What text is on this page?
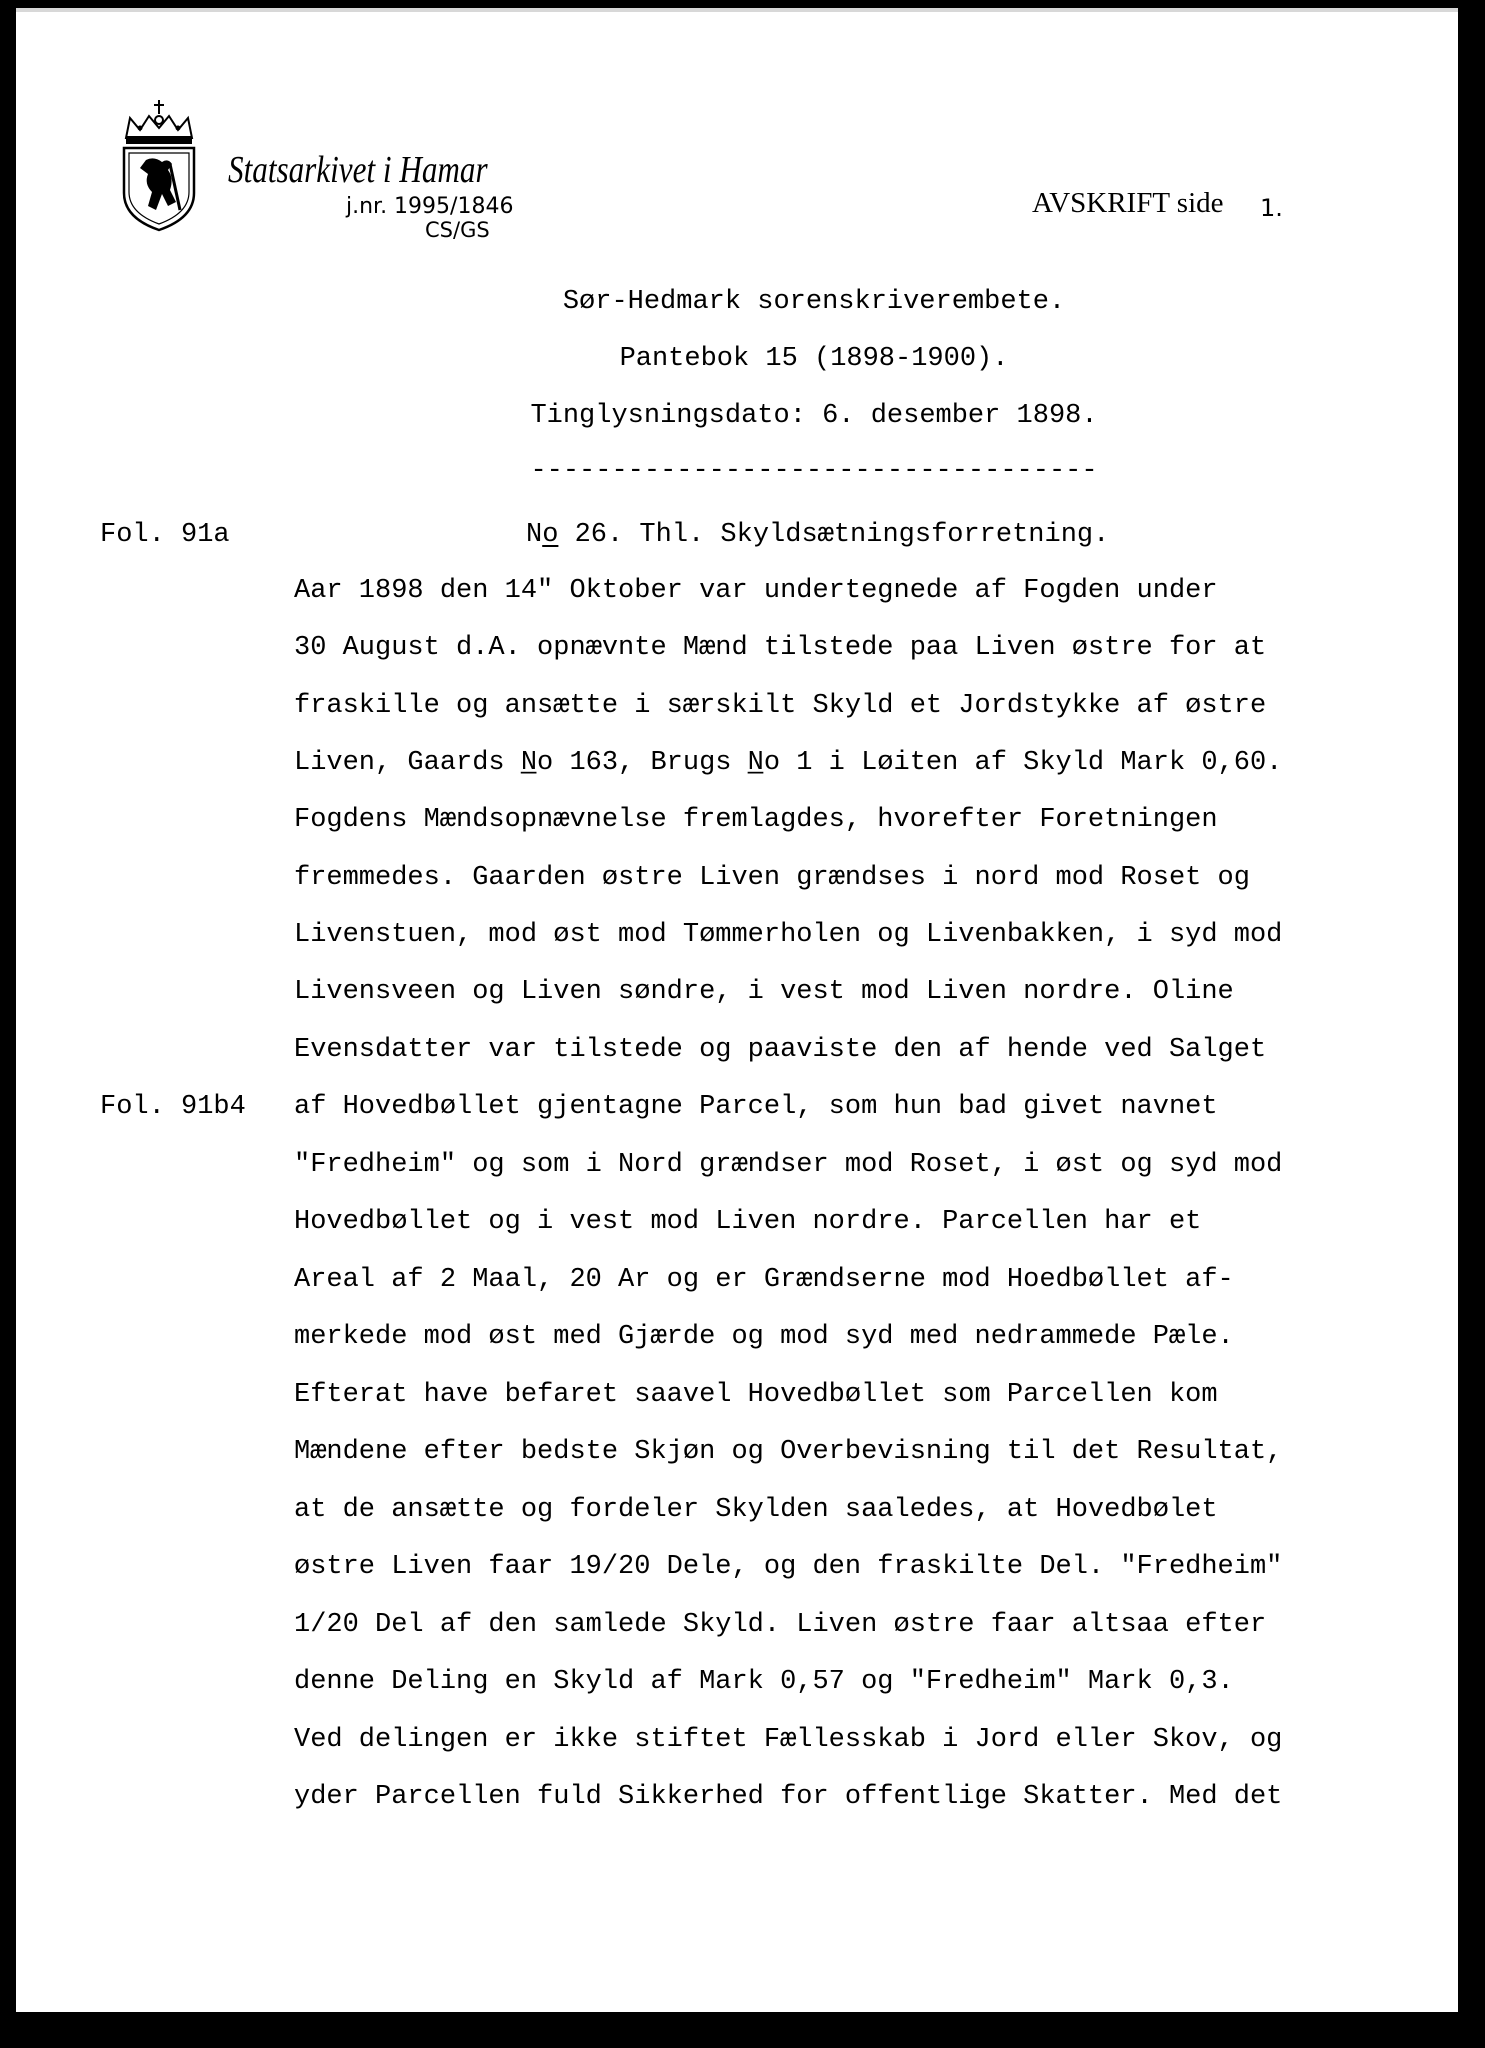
Statsarkivet i Hamar
j.nr. 1995/1846
CS/GS
AVSKRIFT side 1.
Sør-Hedmark sorenskriverembete.
Pantebok 15 (1898-1900).
Tinglysningsdato: 6. desember 1898.
-----------------------------------
Fol. 91a	No 26. Thl. Skyldsætningsforretning.
Fol. 91b4
Aar 1898 den 14" Oktober var undertegnede af Fogden under
30 August d.A. opnævnte Mænd tilstede paa Liven østre for at
fraskille og ansætte i særskilt Skyld et Jordstykke af østre
Liven, Gaards N̲o 163, Brugs N̲o 1 i Løiten af Skyld Mark 0,60.
Fogdens Mændsopnævnelse fremlagdes, hvorefter Foretningen
fremmedes. Gaarden østre Liven grændses i nord mod Roset og
Livenstuen, mod øst mod Tømmerholen og Livenbakken, i syd mod
Livensveen og Liven søndre, i vest mod Liven nordre. Oline
Evensdatter var tilstede og paaviste den af hende ved Salget
af Hovedbøllet gjentagne Parcel, som hun bad givet navnet
"Fredheim" og som i Nord grændser mod Roset, i øst og syd mod
Hovedbøllet og i vest mod Liven nordre. Parcellen har et
Areal af 2 Maal, 20 Ar og er Grændserne mod Hoedbøllet af-
merkede mod øst med Gjærde og mod syd med nedrammede Pæle.
Efterat have befaret saavel Hovedbøllet som Parcellen kom
Mændene efter bedste Skjøn og Overbevisning til det Resultat,
at de ansætte og fordeler Skylden saaledes, at Hovedbølet
østre Liven faar 19/20 Dele, og den fraskilte Del. "Fredheim"
1/20 Del af den samlede Skyld. Liven østre faar altsaa efter
denne Deling en Skyld af Mark 0,57 og "Fredheim" Mark 0,3.
Ved delingen er ikke stiftet Fællesskab i Jord eller Skov, og
yder Parcellen fuld Sikkerhed for offentlige Skatter. Med det
